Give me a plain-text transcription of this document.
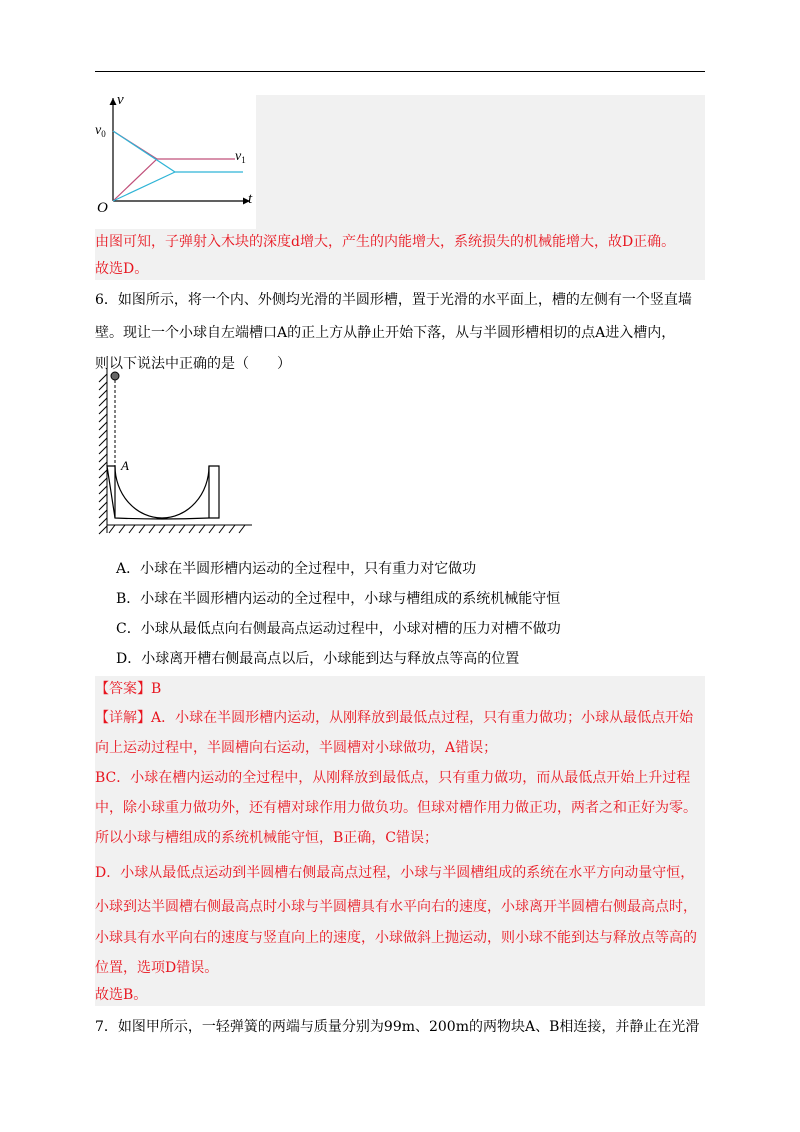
v
t
O
$v_0$
$v_1$
由图可知，子弹射入木块的深度d增大，产生的内能增大，系统损失的机械能增大，故D正确。
故选D。
6．如图所示，将一个内、外侧均光滑的半圆形槽，置于光滑的水平面上，槽的左侧有一个竖直墙
壁。现让一个小球自左端槽口A的正上方从静止开始下落，从与半圆形槽相切的点A进入槽内，
则以下说法中正确的是（　　）
A
A．小球在半圆形槽内运动的全过程中，只有重力对它做功
B．小球在半圆形槽内运动的全过程中，小球与槽组成的系统机械能守恒
C．小球从最低点向右侧最高点运动过程中，小球对槽的压力对槽不做功
D．小球离开槽右侧最高点以后，小球能到达与释放点等高的位置
【答案】B
【详解】A．小球在半圆形槽内运动，从刚释放到最低点过程，只有重力做功；小球从最低点开始
向上运动过程中，半圆槽向右运动，半圆槽对小球做功，A错误；
BC．小球在槽内运动的全过程中，从刚释放到最低点，只有重力做功，而从最低点开始上升过程
中，除小球重力做功外，还有槽对球作用力做负功。但球对槽作用力做正功，两者之和正好为零。
所以小球与槽组成的系统机械能守恒，B正确，C错误；
D．小球从最低点运动到半圆槽右侧最高点过程，小球与半圆槽组成的系统在水平方向动量守恒，
小球到达半圆槽右侧最高点时小球与半圆槽具有水平向右的速度，小球离开半圆槽右侧最高点时，
小球具有水平向右的速度与竖直向上的速度，小球做斜上抛运动，则小球不能到达与释放点等高的
位置，选项D错误。
故选B。
7．如图甲所示，一轻弹簧的两端与质量分别为99m、200m的两物块A、B相连接，并静止在光滑
